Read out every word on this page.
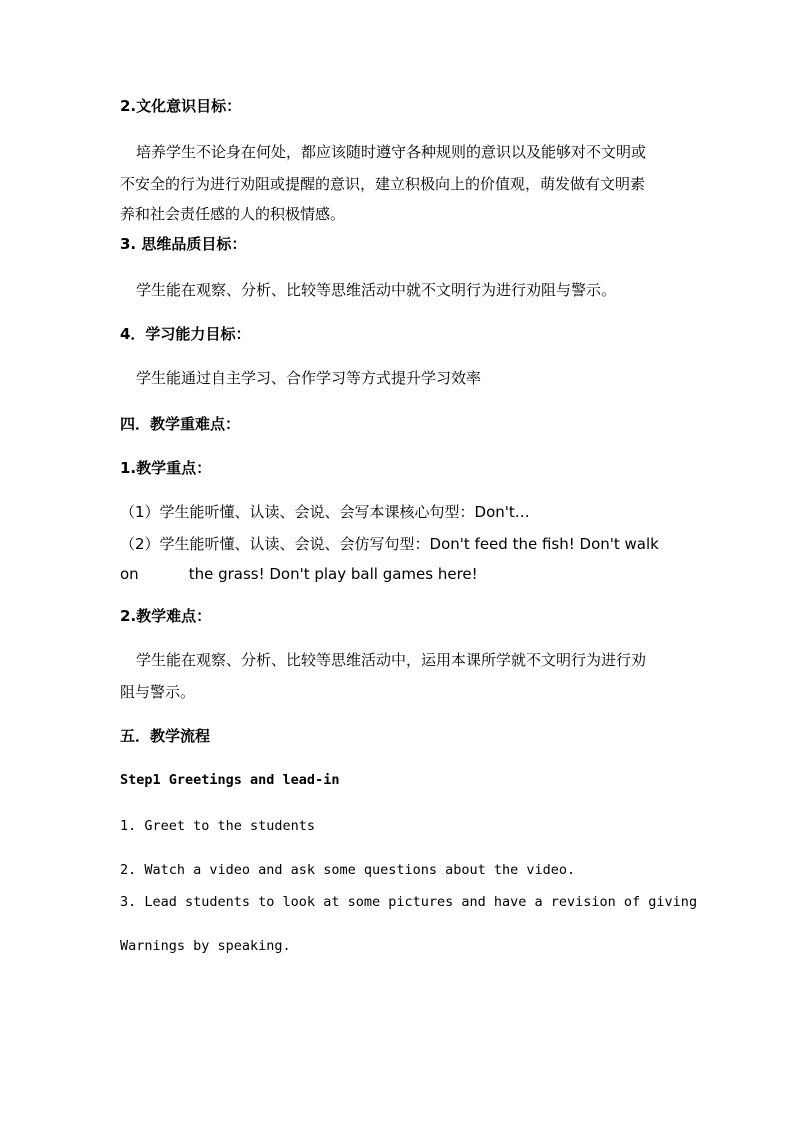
2.文化意识目标：
培养学生不论身在何处，都应该随时遵守各种规则的意识以及能够对不文明或
不安全的行为进行劝阻或提醒的意识，建立积极向上的价值观，萌发做有文明素
养和社会责任感的人的积极情感。
3. 思维品质目标：
学生能在观察、分析、比较等思维活动中就不文明行为进行劝阻与警示。
4．学习能力目标：
学生能通过自主学习、合作学习等方式提升学习效率
四．教学重难点：
1.教学重点：
（1）学生能听懂、认读、会说、会写本课核心句型：Don't…
（2）学生能听懂、认读、会说、会仿写句型：Don't feed the fish! Don't walk
on	the grass! Don't play ball games here!
2.教学难点：
学生能在观察、分析、比较等思维活动中，运用本课所学就不文明行为进行劝
阻与警示。
五．教学流程
Step1 Greetings and lead-in
1. Greet to the students
2. Watch a video and ask some questions about the video.
3. Lead students to look at some pictures and have a revision of giving
Warnings by speaking.
